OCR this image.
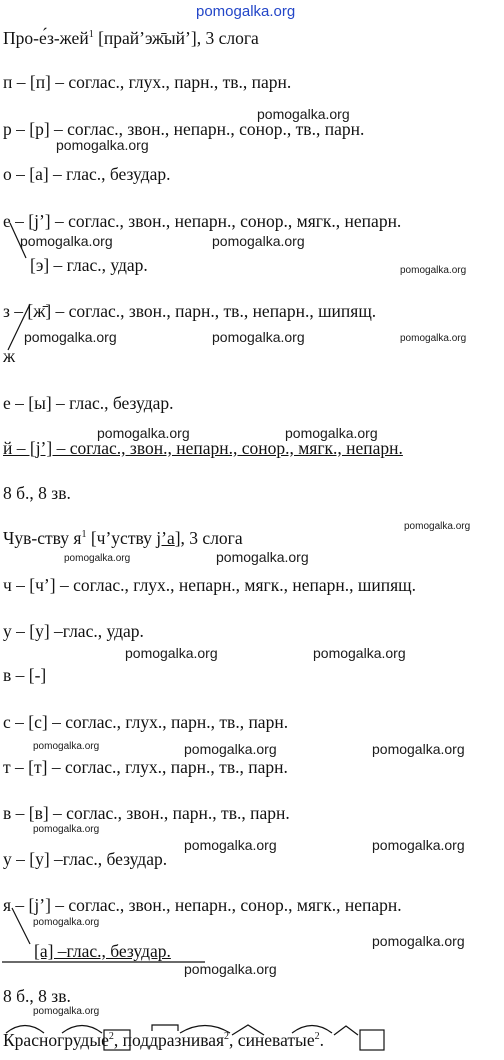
pomogalka.org
Про-е́з-жей$^1$ [прай’эж̄ый’], 3 слога
п – [п] – соглас., глух., парн., тв., парн.
р – [р] – соглас., звон., непарн., сонор., тв., парн.
о – [а] – глас., безудар.
е – [j’] – соглас., звон., непарн., сонор., мягк., непарн.
[э] – глас., удар.
з – [ж̄] – соглас., звон., парн., тв., непарн., шипящ.
ж
е – [ы] – глас., безудар.
й – [j’] – соглас., звон., непарн., сонор., мягк., непарн.
8 б., 8 зв.
Чув-ству $я^1$ [ч’уству j’а], 3 слога
ч – [ч’] – соглас., глух., непарн., мягк., непарн., шипящ.
у – [у] –глас., удар.
в – [-]
с – [с] – соглас., глух., парн., тв., парн.
т – [т] – соглас., глух., парн., тв., парн.
в – [в] – соглас., звон., парн., тв., парн.
у – [у] –глас., безудар.
я – [j’] – соглас., звон., непарн., сонор., мягк., непарн.
[а] –глас., безудар.
8 б., 8 зв.
Красногрудые$^2$, поддразнивая$^2$, синеватые$^2$.
pomogalka.org
pomogalka.org
pomogalka.org	pomogalka.org
pomogalka.org
pomogalka.org	pomogalka.org	pomogalka.org
pomogalka.org	pomogalka.org
pomogalka.org
pomogalka.org	pomogalka.org
pomogalka.org	pomogalka.org
pomogalka.org	pomogalka.org	pomogalka.org
pomogalka.org
pomogalka.org	pomogalka.org
pomogalka.org
pomogalka.org
pomogalka.org
pomogalka.org
